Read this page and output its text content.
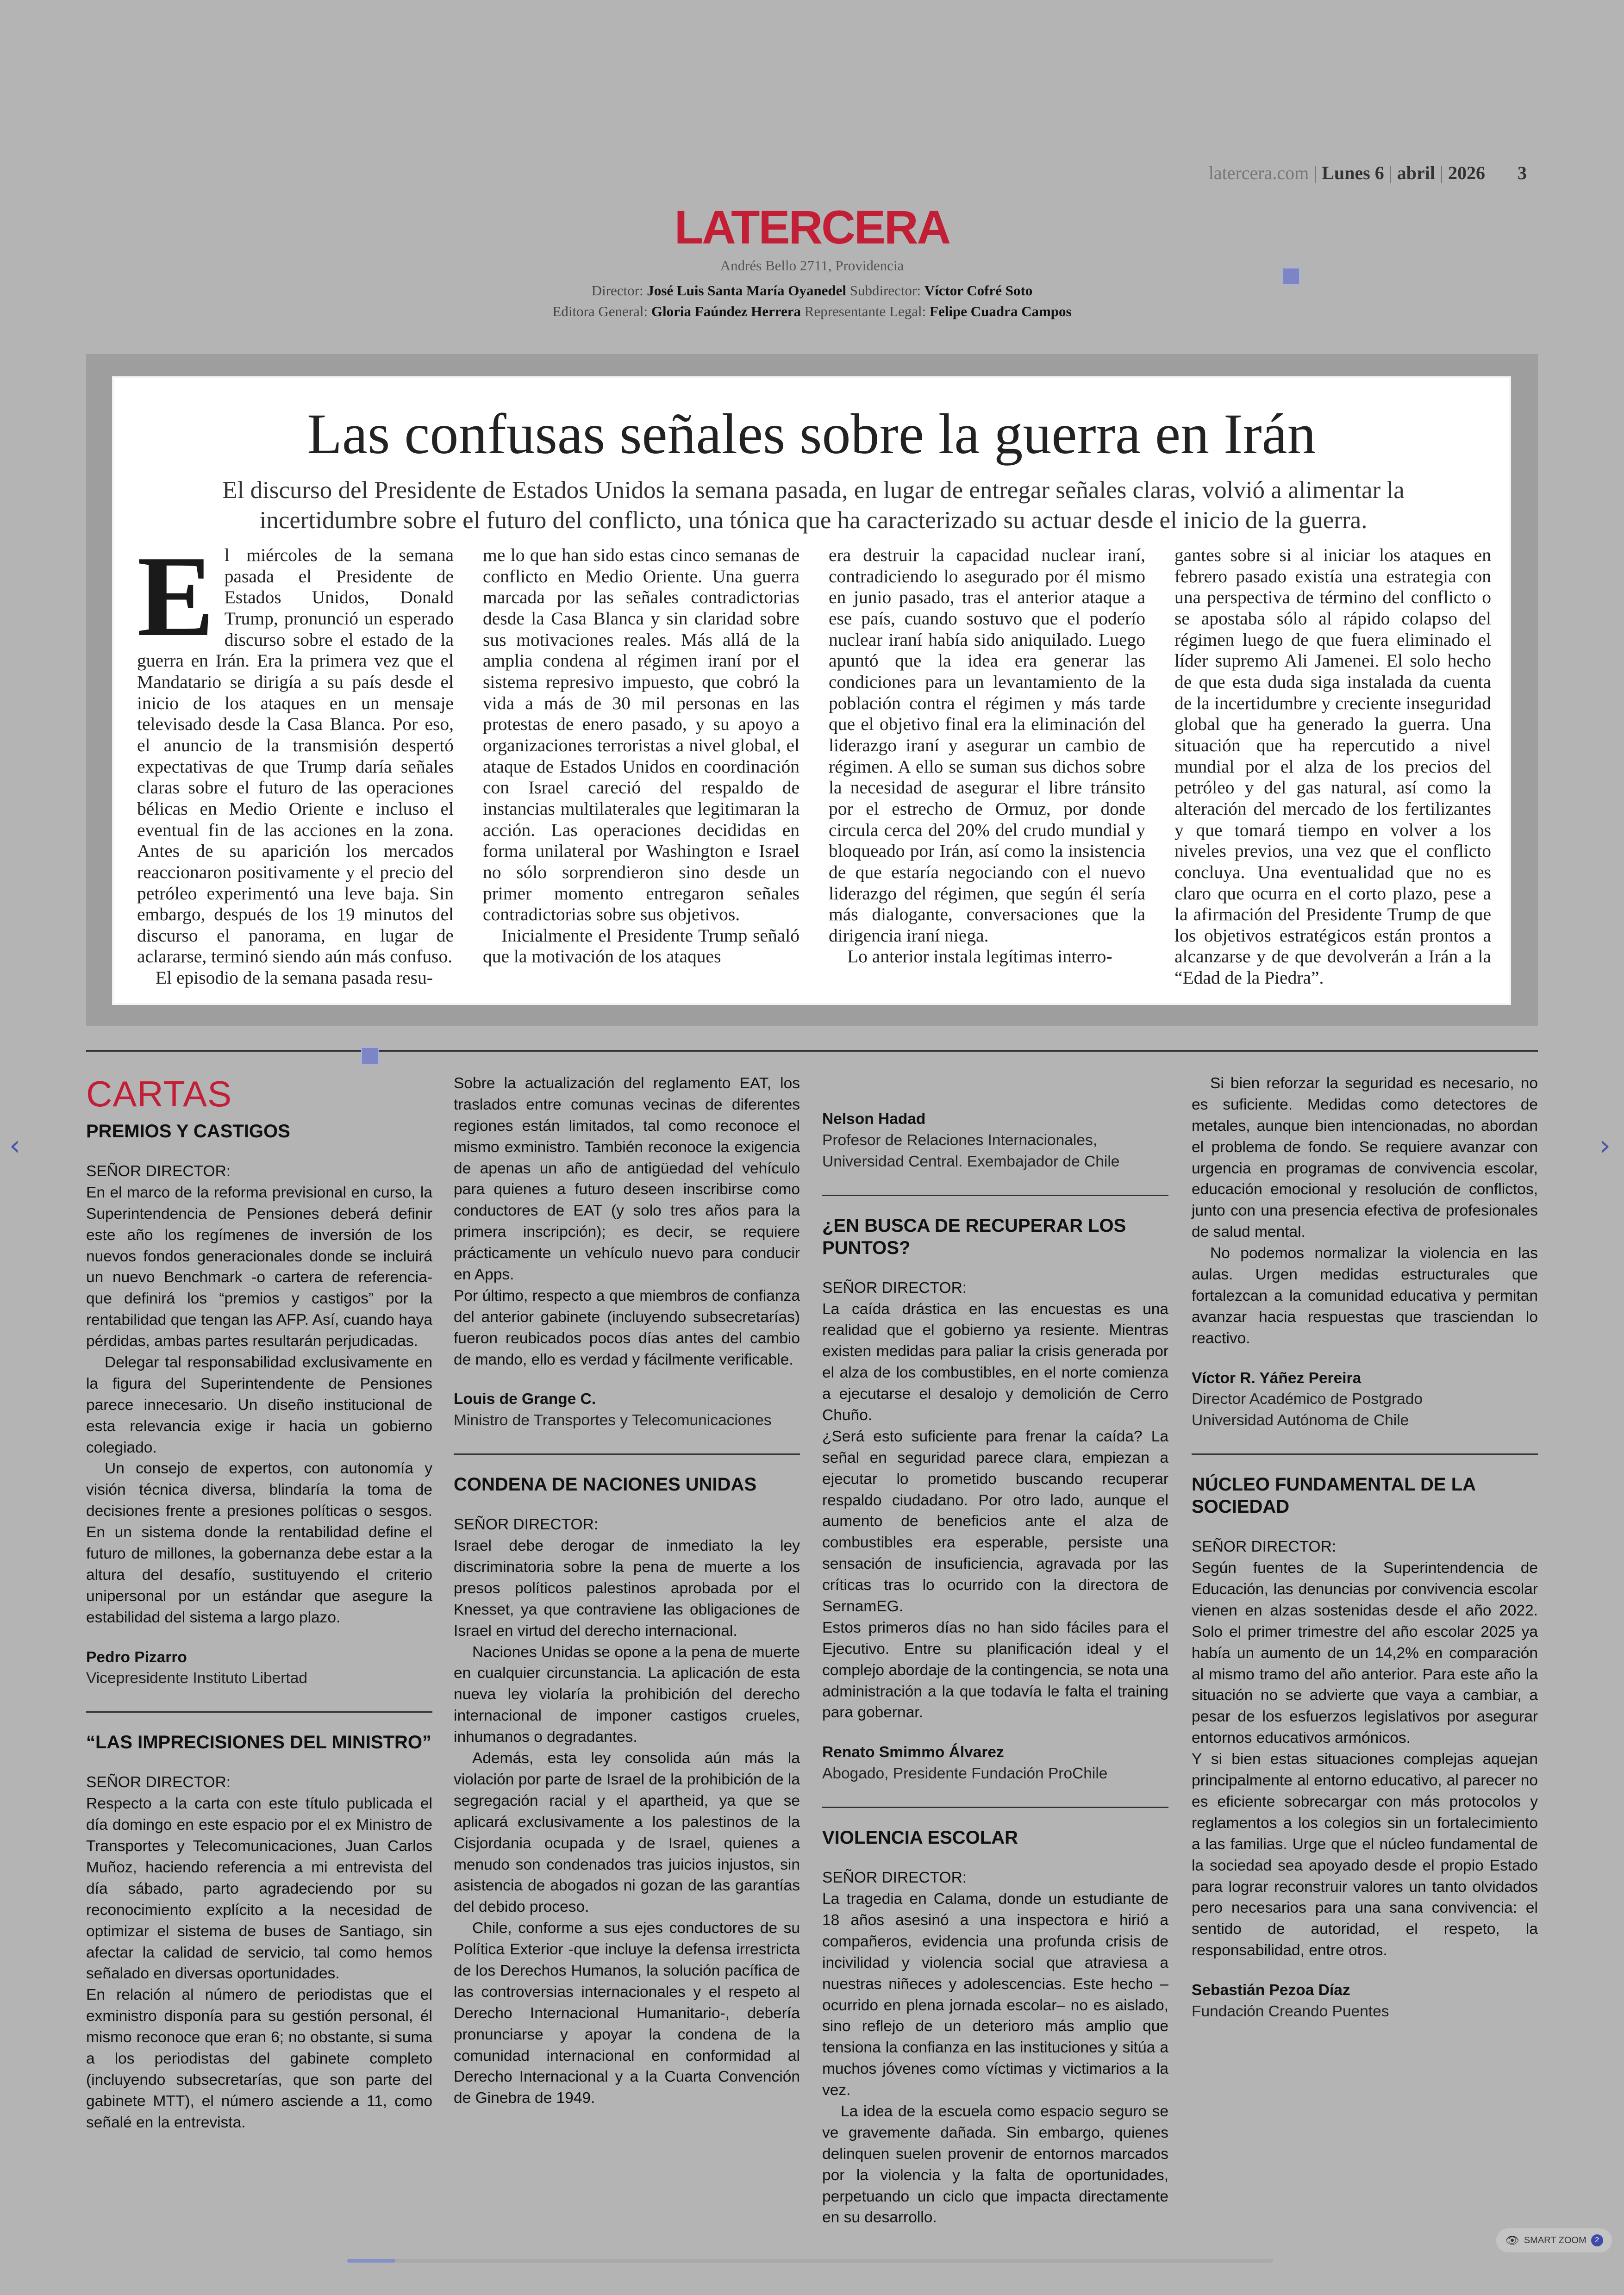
latercera.com | Lunes 6 | abril | 2026 3
LATERCERA
Andrés Bello 2711, Providencia
Director: José Luis Santa María Oyanedel Subdirector: Víctor Cofré Soto
Editora General: Gloria Faúndez Herrera Representante Legal: Felipe Cuadra Campos
Las confusas señales sobre la guerra en Irán
El discurso del Presidente de Estados Unidos la semana pasada, en lugar de entregar señales claras, volvió a alimentar la incertidumbre sobre el futuro del conflicto, una tónica que ha caracterizado su actuar desde el inicio de la guerra.

El miércoles de la semana pasada el Presidente de Estados Unidos, Donald Trump, pronunció un esperado discurso sobre el estado de la guerra en Irán. Era la primera vez que el Mandatario se dirigía a su país desde el inicio de los ataques en un mensaje televisado desde la Casa Blanca. Por eso, el anuncio de la transmisión despertó expectativas de que Trump daría señales claras sobre el futuro de las operaciones bélicas en Medio Oriente e incluso el eventual fin de las acciones en la zona. Antes de su aparición los mercados reaccionaron positivamente y el precio del petróleo experimentó una leve baja. Sin embargo, después de los 19 minutos del discurso el panorama, en lugar de aclararse, terminó siendo aún más confuso.

El episodio de la semana pasada resu-

me lo que han sido estas cinco semanas de conflicto en Medio Oriente. Una guerra marcada por las señales contradictorias desde la Casa Blanca y sin claridad sobre sus motivaciones reales. Más allá de la amplia condena al régimen iraní por el sistema represivo impuesto, que cobró la vida a más de 30 mil personas en las protestas de enero pasado, y su apoyo a organizaciones terroristas a nivel global, el ataque de Estados Unidos en coordinación con Israel careció del respaldo de instancias multilaterales que legitimaran la acción. Las operaciones decididas en forma unilateral por Washington e Israel no sólo sorprendieron sino desde un primer momento entregaron señales contradictorias sobre sus objetivos.

Inicialmente el Presidente Trump señaló que la motivación de los ataques

era destruir la capacidad nuclear iraní, contradiciendo lo asegurado por él mismo en junio pasado, tras el anterior ataque a ese país, cuando sostuvo que el poderío nuclear iraní había sido aniquilado. Luego apuntó que la idea era generar las condiciones para un levantamiento de la población contra el régimen y más tarde que el objetivo final era la eliminación del liderazgo iraní y asegurar un cambio de régimen. A ello se suman sus dichos sobre la necesidad de asegurar el libre tránsito por el estrecho de Ormuz, por donde circula cerca del 20% del crudo mundial y bloqueado por Irán, así como la insistencia de que estaría negociando con el nuevo liderazgo del régimen, que según él sería más dialogante, conversaciones que la dirigencia iraní niega.

Lo anterior instala legítimas interro-

gantes sobre si al iniciar los ataques en febrero pasado existía una estrategia con una perspectiva de término del conflicto o se apostaba sólo al rápido colapso del régimen luego de que fuera eliminado el líder supremo Ali Jamenei. El solo hecho de que esta duda siga instalada da cuenta de la incertidumbre y creciente inseguridad global que ha generado la guerra. Una situación que ha repercutido a nivel mundial por el alza de los precios del petróleo y del gas natural, así como la alteración del mercado de los fertilizantes y que tomará tiempo en volver a los niveles previos, una vez que el conflicto concluya. Una eventualidad que no es claro que ocurra en el corto plazo, pese a la afirmación del Presidente Trump de que los objetivos estratégicos están prontos a alcanzarse y de que devolverán a Irán a la “Edad de la Piedra”.

CARTAS

PREMIOS Y CASTIGOS

SEÑOR DIRECTOR:

En el marco de la reforma previsional en curso, la Superintendencia de Pensiones deberá definir este año los regímenes de inversión de los nuevos fondos generacionales donde se incluirá un nuevo Benchmark -o cartera de referencia- que definirá los “premios y castigos” por la rentabilidad que tengan las AFP. Así, cuando haya pérdidas, ambas partes resultarán perjudicadas.

Delegar tal responsabilidad exclusivamente en la figura del Superintendente de Pensiones parece innecesario. Un diseño institucional de esta relevancia exige ir hacia un gobierno colegiado.

Un consejo de expertos, con autonomía y visión técnica diversa, blindaría la toma de decisiones frente a presiones políticas o sesgos. En un sistema donde la rentabilidad define el futuro de millones, la gobernanza debe estar a la altura del desafío, sustituyendo el criterio unipersonal por un estándar que asegure la estabilidad del sistema a largo plazo.

Pedro Pizarro

Vicepresidente Instituto Libertad

“LAS IMPRECISIONES DEL MINISTRO”

SEÑOR DIRECTOR:

Respecto a la carta con este título publicada el día domingo en este espacio por el ex Ministro de Transportes y Telecomunicaciones, Juan Carlos Muñoz, haciendo referencia a mi entrevista del día sábado, parto agradeciendo por su reconocimiento explícito a la necesidad de optimizar el sistema de buses de Santiago, sin afectar la calidad de servicio, tal como hemos señalado en diversas oportunidades.

En relación al número de periodistas que el exministro disponía para su gestión personal, él mismo reconoce que eran 6; no obstante, si suma a los periodistas del gabinete completo (incluyendo subsecretarías, que son parte del gabinete MTT), el número asciende a 11, como señalé en la entrevista.

Sobre la actualización del reglamento EAT, los traslados entre comunas vecinas de diferentes regiones están limitados, tal como reconoce el mismo exministro. También reconoce la exigencia de apenas un año de antigüedad del vehículo para quienes a futuro deseen inscribirse como conductores de EAT (y solo tres años para la primera inscripción); es decir, se requiere prácticamente un vehículo nuevo para conducir en Apps.

Por último, respecto a que miembros de confianza del anterior gabinete (incluyendo subsecretarías) fueron reubicados pocos días antes del cambio de mando, ello es verdad y fácilmente verificable.

Louis de Grange C.

Ministro de Transportes y Telecomunicaciones

CONDENA DE NACIONES UNIDAS

SEÑOR DIRECTOR:

Israel debe derogar de inmediato la ley discriminatoria sobre la pena de muerte a los presos políticos palestinos aprobada por el Knesset, ya que contraviene las obligaciones de Israel en virtud del derecho internacional.

Naciones Unidas se opone a la pena de muerte en cualquier circunstancia. La aplicación de esta nueva ley violaría la prohibición del derecho internacional de imponer castigos crueles, inhumanos o degradantes.

Además, esta ley consolida aún más la violación por parte de Israel de la prohibición de la segregación racial y el apartheid, ya que se aplicará exclusivamente a los palestinos de la Cisjordania ocupada y de Israel, quienes a menudo son condenados tras juicios injustos, sin asistencia de abogados ni gozan de las garantías del debido proceso.

Chile, conforme a sus ejes conductores de su Política Exterior -que incluye la defensa irrestricta de los Derechos Humanos, la solución pacífica de las controversias internacionales y el respeto al Derecho Internacional Humanitario-, debería pronunciarse y apoyar la condena de la comunidad internacional en conformidad al Derecho Internacional y a la Cuarta Convención de Ginebra de 1949.

Nelson Hadad

Profesor de Relaciones Internacionales,

Universidad Central. Exembajador de Chile

¿EN BUSCA DE RECUPERAR LOS PUNTOS?

SEÑOR DIRECTOR:

La caída drástica en las encuestas es una realidad que el gobierno ya resiente. Mientras existen medidas para paliar la crisis generada por el alza de los combustibles, en el norte comienza a ejecutarse el desalojo y demolición de Cerro Chuño.

¿Será esto suficiente para frenar la caída? La señal en seguridad parece clara, empiezan a ejecutar lo prometido buscando recuperar respaldo ciudadano. Por otro lado, aunque el aumento de beneficios ante el alza de combustibles era esperable, persiste una sensación de insuficiencia, agravada por las críticas tras lo ocurrido con la directora de SernamEG.

Estos primeros días no han sido fáciles para el Ejecutivo. Entre su planificación ideal y el complejo abordaje de la contingencia, se nota una administración a la que todavía le falta el training para gobernar.

Renato Smimmo Álvarez

Abogado, Presidente Fundación ProChile

VIOLENCIA ESCOLAR

SEÑOR DIRECTOR:

La tragedia en Calama, donde un estudiante de 18 años asesinó a una inspectora e hirió a compañeros, evidencia una profunda crisis de incivilidad y violencia social que atraviesa a nuestras niñeces y adolescencias. Este hecho –ocurrido en plena jornada escolar– no es aislado, sino reflejo de un deterioro más amplio que tensiona la confianza en las instituciones y sitúa a muchos jóvenes como víctimas y victimarios a la vez.

La idea de la escuela como espacio seguro se ve gravemente dañada. Sin embargo, quienes delinquen suelen provenir de entornos marcados por la violencia y la falta de oportunidades, perpetuando un ciclo que impacta directamente en su desarrollo.

Si bien reforzar la seguridad es necesario, no es suficiente. Medidas como detectores de metales, aunque bien intencionadas, no abordan el problema de fondo. Se requiere avanzar con urgencia en programas de convivencia escolar, educación emocional y resolución de conflictos, junto con una presencia efectiva de profesionales de salud mental.

No podemos normalizar la violencia en las aulas. Urgen medidas estructurales que fortalezcan a la comunidad educativa y permitan avanzar hacia respuestas que trasciendan lo reactivo.

Víctor R. Yáñez Pereira

Director Académico de Postgrado

Universidad Autónoma de Chile

NÚCLEO FUNDAMENTAL DE LA SOCIEDAD

SEÑOR DIRECTOR:

Según fuentes de la Superintendencia de Educación, las denuncias por convivencia escolar vienen en alzas sostenidas desde el año 2022. Solo el primer trimestre del año escolar 2025 ya había un aumento de un 14,2% en comparación al mismo tramo del año anterior. Para este año la situación no se advierte que vaya a cambiar, a pesar de los esfuerzos legislativos por asegurar entornos educativos armónicos.

Y si bien estas situaciones complejas aquejan principalmente al entorno educativo, al parecer no es eficiente sobrecargar con más protocolos y reglamentos a los colegios sin un fortalecimiento a las familias. Urge que el núcleo fundamental de la sociedad sea apoyado desde el propio Estado para lograr reconstruir valores un tanto olvidados pero necesarios para una sana convivencia: el sentido de autoridad, el respeto, la responsabilidad, entre otros.

Sebastián Pezoa Díaz

Fundación Creando Puentes

‹	›
👁 SMART ZOOM	2
